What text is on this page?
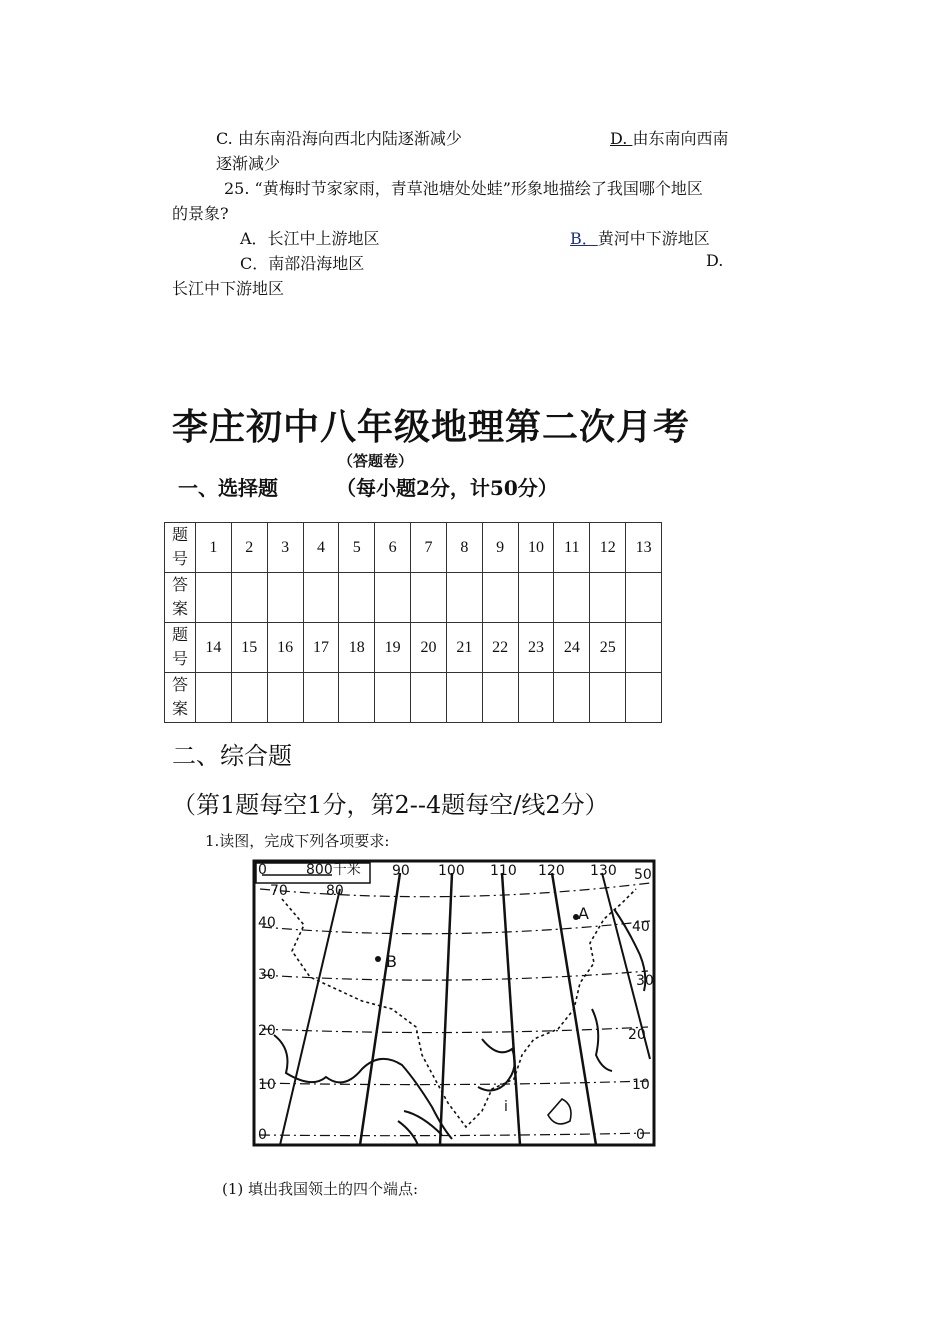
C. 由东南沿海向西北内陆逐渐减少	D. 由东南向西南
逐渐减少
25. “黄梅时节家家雨，青草池塘处处蛙”形象地描绘了我国哪个地区
的景象?
A．长江中上游地区	B．黄河中下游地区
C．南部沿海地区	D.
长江中下游地区
李庄初中八年级地理第二次月考
（答题卷）
一、选择题	（每小题2分，计50分）
题号	1	2	3	4	5	6	7	8	9	10	11	12	13
答案													
题号	14	15	16	17	18	19	20	21	22	23	24	25	
答案													
二、综合题
（第1题每空1分，第2--4题每空/线2分）
1.读图，完成下列各项要求:
0	800千米
B
A
i
90 100 110 120 130
70	80
40
30
20
10
0
50
40
30
20
10
0
(1) 填出我国领土的四个端点:
